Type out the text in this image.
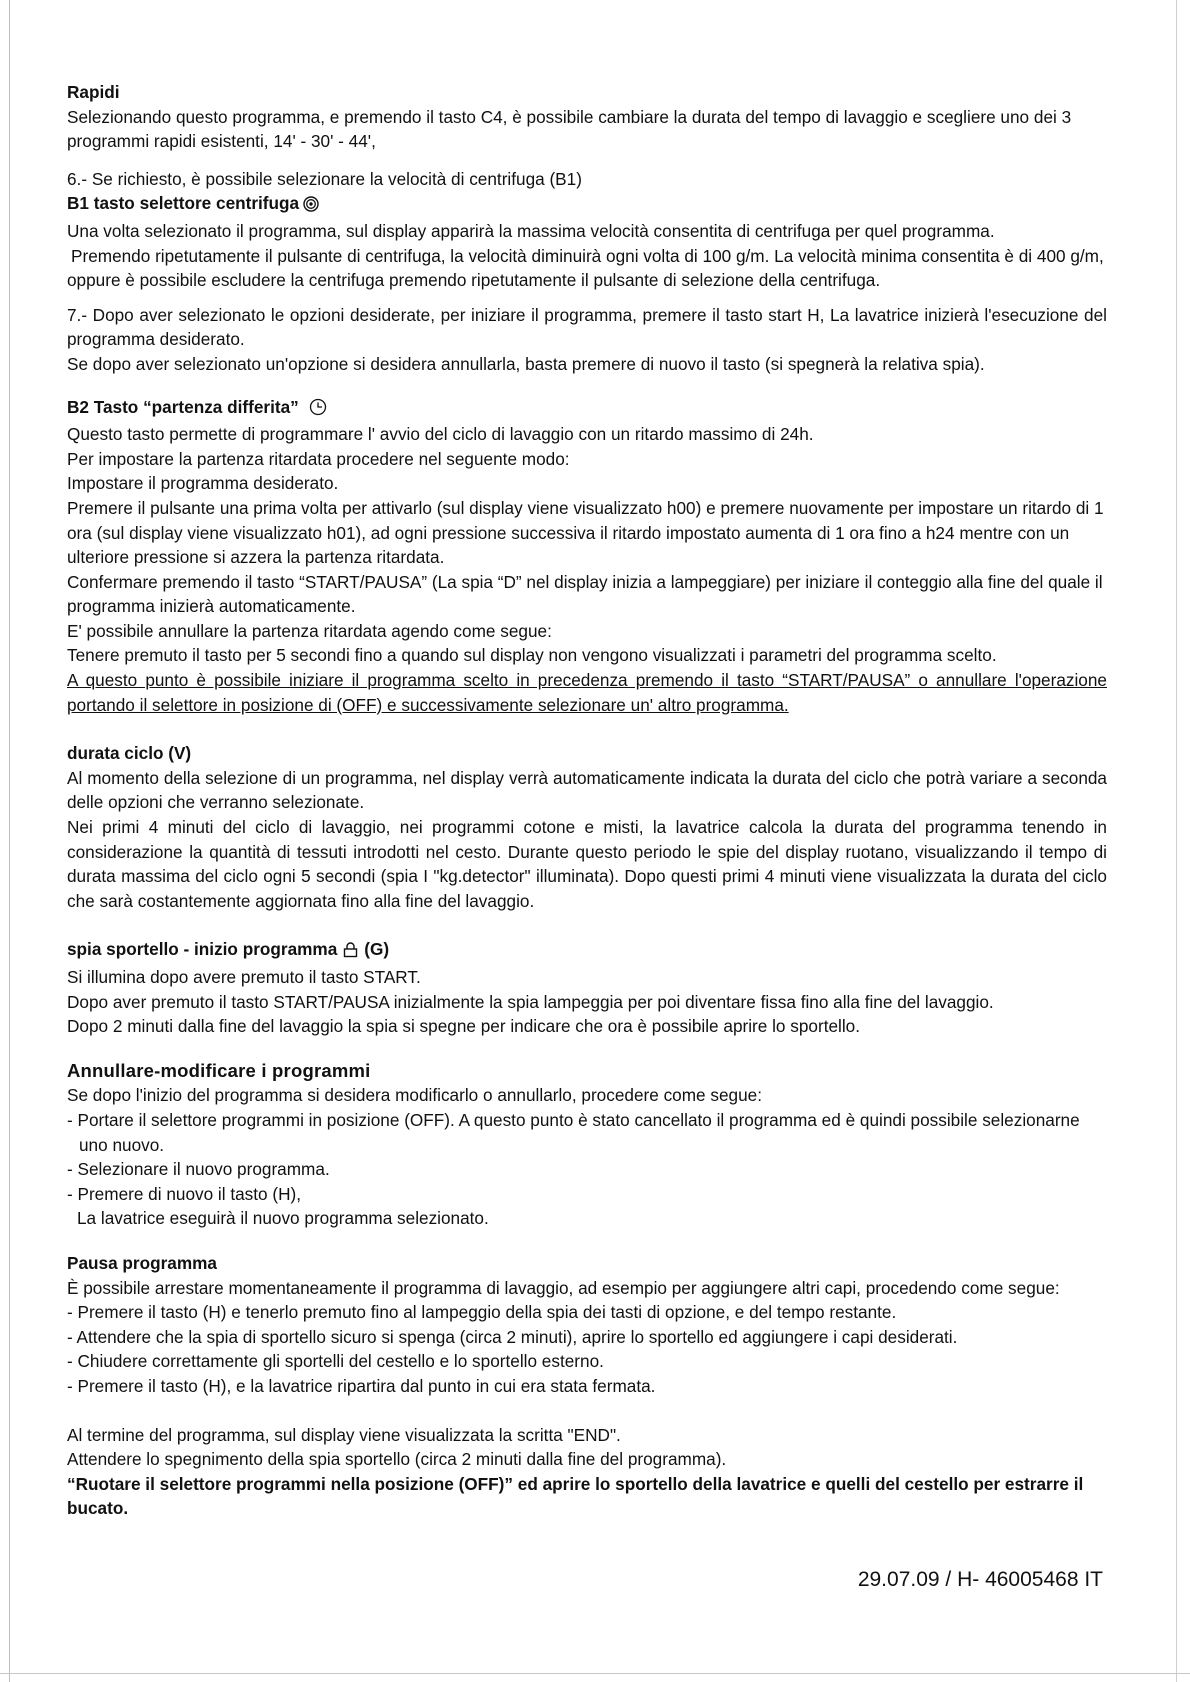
Rapidi

Selezionando questo programma, e premendo il tasto C4, è possibile cambiare la durata del tempo di lavaggio e scegliere uno dei 3 programmi rapidi esistenti, 14' - 30' - 44',

6.- Se richiesto, è possibile selezionare la velocità di centrifuga (B1)

B1 tasto selettore centrifuga

Una volta selezionato il programma, sul display apparirà la massima velocità consentita di centrifuga per quel programma.

Premendo ripetutamente il pulsante di centrifuga, la velocità diminuirà ogni volta di 100 g/m. La velocità minima consentita è di 400 g/m, oppure è possibile escludere la centrifuga premendo ripetutamente il pulsante di selezione della centrifuga.

7.- Dopo aver selezionato le opzioni desiderate, per iniziare il programma, premere il tasto start H, La lavatrice inizierà l'esecuzione del programma desiderato.

Se dopo aver selezionato un'opzione si desidera annullarla, basta premere di nuovo il tasto (si spegnerà la relativa spia).

B2 Tasto “partenza differita”

Questo tasto permette di programmare l' avvio del ciclo di lavaggio con un ritardo massimo di 24h.

Per impostare la partenza ritardata procedere nel seguente modo:

Impostare il programma desiderato.

Premere il pulsante una prima volta per attivarlo (sul display viene visualizzato h00) e premere nuovamente per impostare un ritardo di 1 ora (sul display viene visualizzato h01), ad ogni pressione successiva il ritardo impostato aumenta di 1 ora fino a h24 mentre con un ulteriore pressione si azzera la partenza ritardata.

Confermare premendo il tasto “START/PAUSA” (La spia “D” nel display inizia a lampeggiare) per iniziare il conteggio alla fine del quale il programma inizierà automaticamente.

E' possibile annullare la partenza ritardata agendo come segue:

Tenere premuto il tasto per 5 secondi fino a quando sul display non vengono visualizzati i parametri del programma scelto.

A questo punto è possibile iniziare il programma scelto in precedenza premendo il tasto “START/PAUSA” o annullare l'operazione portando il selettore in posizione di (OFF) e successivamente selezionare un' altro programma.

durata ciclo (V)

Al momento della selezione di un programma, nel display verrà automaticamente indicata la durata del ciclo che potrà variare a seconda delle opzioni che verranno selezionate.

Nei primi 4 minuti del ciclo di lavaggio, nei programmi cotone e misti, la lavatrice calcola la durata del programma tenendo in considerazione la quantità di tessuti introdotti nel cesto. Durante questo periodo le spie del display ruotano, visualizzando il tempo di durata massima del ciclo ogni 5 secondi (spia I "kg.detector" illuminata). Dopo questi primi 4 minuti viene visualizzata la durata del ciclo che sarà costantemente aggiornata fino alla fine del lavaggio.

spia sportello - inizio programma (G)

Si illumina dopo avere premuto il tasto START.

Dopo aver premuto il tasto START/PAUSA inizialmente la spia lampeggia per poi diventare fissa fino alla fine del lavaggio.

Dopo 2 minuti dalla fine del lavaggio la spia si spegne per indicare che ora è possibile aprire lo sportello.

Annullare-modificare i programmi

Se dopo l'inizio del programma si desidera modificarlo o annullarlo, procedere come segue:

- Portare il selettore programmi in posizione (OFF). A questo punto è stato cancellato il programma ed è quindi possibile selezionarne uno nuovo.

- Selezionare il nuovo programma.

- Premere di nuovo il tasto (H),

La lavatrice eseguirà il nuovo programma selezionato.

Pausa programma

È possibile arrestare momentaneamente il programma di lavaggio, ad esempio per aggiungere altri capi, procedendo come segue:

- Premere il tasto (H) e tenerlo premuto fino al lampeggio della spia dei tasti di opzione, e del tempo restante.

- Attendere che la spia di sportello sicuro si spenga (circa 2 minuti), aprire lo sportello ed aggiungere i capi desiderati.

- Chiudere correttamente gli sportelli del cestello e lo sportello esterno.

- Premere il tasto (H), e la lavatrice ripartira dal punto in cui era stata fermata.

Al termine del programma, sul display viene visualizzata la scritta "END".

Attendere lo spegnimento della spia sportello (circa 2 minuti dalla fine del programma).

“Ruotare il selettore programmi nella posizione (OFF)” ed aprire lo sportello della lavatrice e quelli del cestello per estrarre il bucato.

29.07.09 / H- 46005468 IT
